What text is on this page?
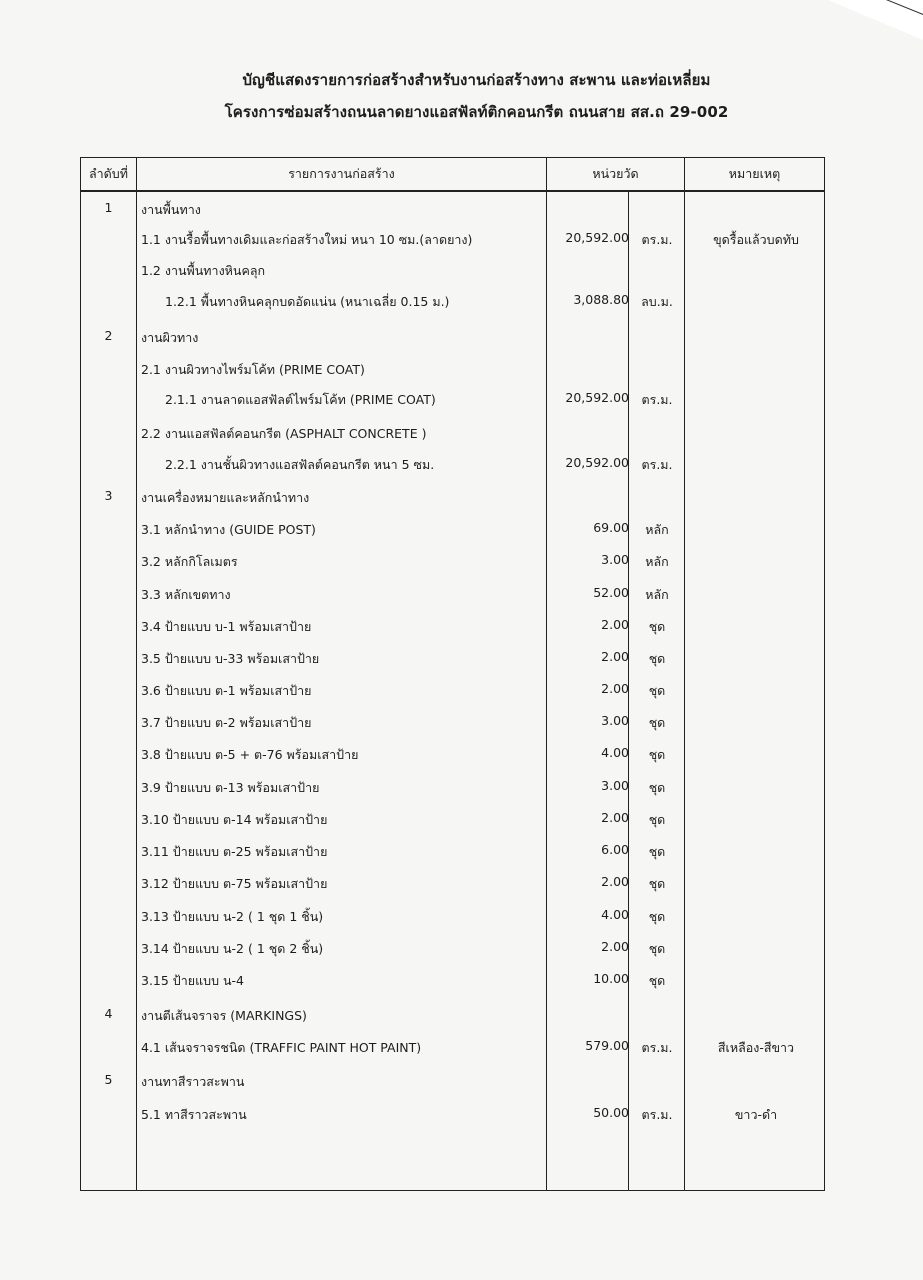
บัญชีแสดงรายการก่อสร้างสำหรับงานก่อสร้างทาง สะพาน และท่อเหลี่ยม
โครงการซ่อมสร้างถนนลาดยางแอสฟัลท์ติกคอนกรีต ถนนสาย สส.ถ 29-002
ลำดับที่	รายการงานก่อสร้าง	หน่วยวัด	หมายเหตุ
1	งานพื้นทาง
1.1 งานรื้อพื้นทางเดิมและก่อสร้างใหม่ หนา 10 ซม.(ลาดยาง)	20,592.00 ตร.ม.	ขุดรื้อแล้วบดทับ
1.2 งานพื้นทางหินคลุก
1.2.1 พื้นทางหินคลุกบดอัดแน่น (หนาเฉลี่ย 0.15 ม.)	3,088.80 ลบ.ม.
2	งานผิวทาง
2.1 งานผิวทางไพร์มโค้ท (PRIME COAT)
2.1.1 งานลาดแอสฟัลต์ไพร์มโค้ท (PRIME COAT)	20,592.00 ตร.ม.
2.2 งานแอสฟัลต์คอนกรีต (ASPHALT CONCRETE )
2.2.1 งานชั้นผิวทางแอสฟัลต์คอนกรีต หนา 5 ซม.	20,592.00 ตร.ม.
3	งานเครื่องหมายและหลักนำทาง
3.1 หลักนำทาง (GUIDE POST)	69.00	หลัก
3.2 หลักกิโลเมตร	3.00	หลัก
3.3 หลักเขตทาง	52.00	หลัก
3.4 ป้ายแบบ บ-1 พร้อมเสาป้าย	2.00	ชุด
3.5 ป้ายแบบ บ-33 พร้อมเสาป้าย	2.00	ชุด
3.6 ป้ายแบบ ต-1 พร้อมเสาป้าย	2.00	ชุด
3.7 ป้ายแบบ ต-2 พร้อมเสาป้าย	3.00	ชุด
3.8 ป้ายแบบ ต-5 + ต-76 พร้อมเสาป้าย	4.00	ชุด
3.9 ป้ายแบบ ต-13 พร้อมเสาป้าย	3.00	ชุด
3.10 ป้ายแบบ ต-14 พร้อมเสาป้าย	2.00	ชุด
3.11 ป้ายแบบ ต-25 พร้อมเสาป้าย	6.00	ชุด
3.12 ป้ายแบบ ต-75 พร้อมเสาป้าย	2.00	ชุด
3.13 ป้ายแบบ น-2 ( 1 ชุด 1 ชิ้น)	4.00	ชุด
3.14 ป้ายแบบ น-2 ( 1 ชุด 2 ชิ้น)	2.00	ชุด
3.15 ป้ายแบบ น-4	10.00	ชุด
4	งานตีเส้นจราจร (MARKINGS)
4.1 เส้นจราจรชนิด (TRAFFIC PAINT HOT PAINT)	579.00 ตร.ม.	สีเหลือง-สีขาว
5	งานทาสีราวสะพาน
5.1 ทาสีราวสะพาน	50.00 ตร.ม.	ขาว-ดำ
